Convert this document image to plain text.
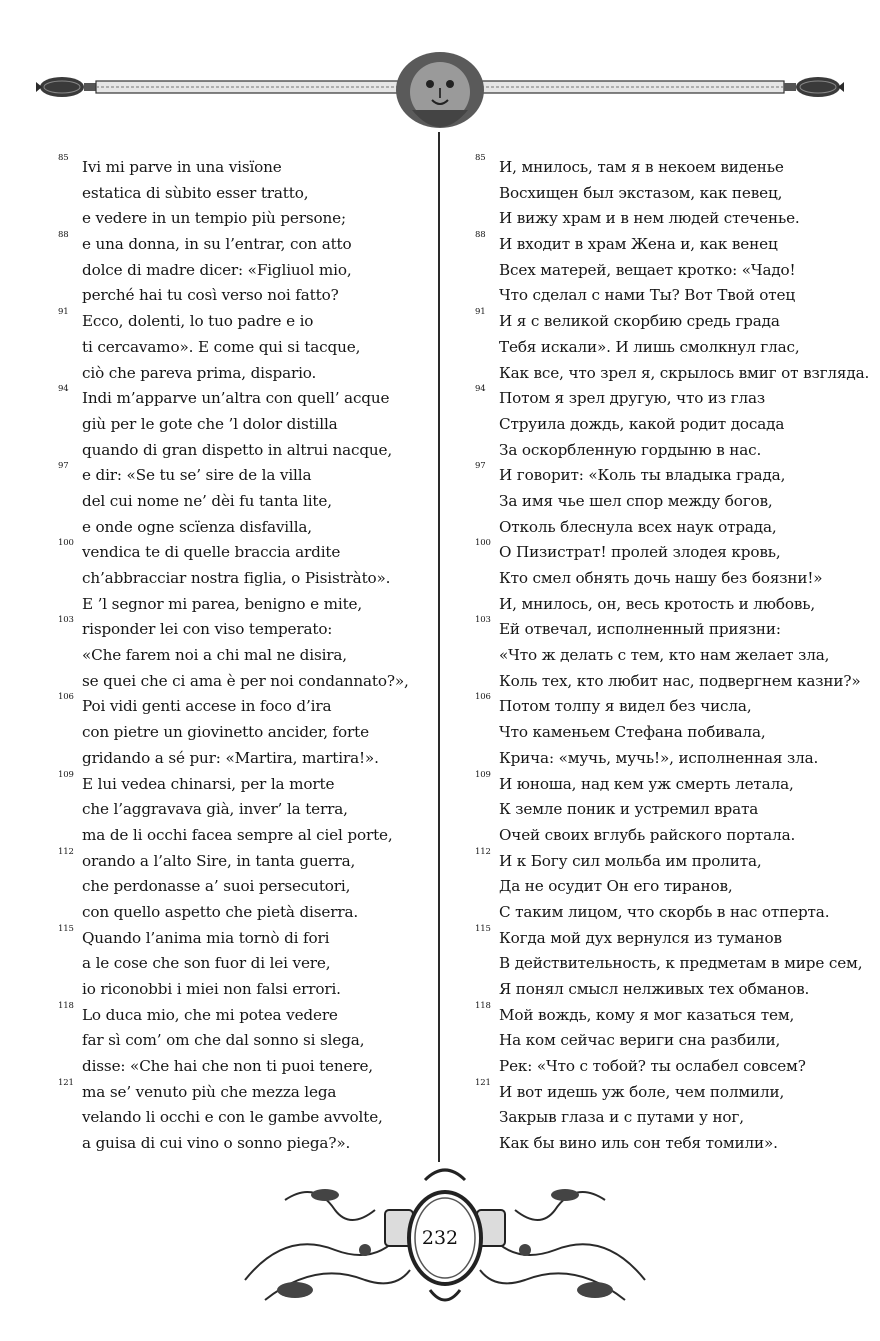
85 Ivi mi parve in una visïone
estatica di sùbito esser tratto,
e vedere in un tempio più persone;
88 e una donna, in su l’entrar, con atto
dolce di madre dicer: «Figliuol mio,
perché hai tu così verso noi fatto?
91 Ecco, dolenti, lo tuo padre e io
ti cercavamo». E come qui si tacque,
ciò che pareva prima, dispario.
94 Indi m’apparve un’altra con quell’ acque
giù per le gote che ’l dolor distilla
quando di gran dispetto in altrui nacque,
97 e dir: «Se tu se’ sire de la villa
del cui nome ne’ dèi fu tanta lite,
e onde ogne scïenza disfavilla,
100 vendica te di quelle braccia ardite
ch’abbracciar nostra figlia, o Pisistràto».
E ’l segnor mi parea, benigno e mite,
103 risponder lei con viso temperato:
«Che farem noi a chi mal ne disira,
se quei che ci ama è per noi condannato?»,
106 Poi vidi genti accese in foco d’ira
con pietre un giovinetto ancider, forte
gridando a sé pur: «Martira, martira!».
109 E lui vedea chinarsi, per la morte
che l’aggravava già, inver’ la terra,
ma de li occhi facea sempre al ciel porte,
112 orando a l’alto Sire, in tanta guerra,
che perdonasse a’ suoi persecutori,
con quello aspetto che pietà diserra.
115 Quando l’anima mia tornò di fori
a le cose che son fuor di lei vere,
io riconobbi i miei non falsi errori.
118 Lo duca mio, che mi potea vedere
far sì com’ om che dal sonno si slega,
disse: «Che hai che non ti puoi tenere,
121 ma se’ venuto più che mezza lega
velando li occhi e con le gambe avvolte,
a guisa di cui vino o sonno piega?».
85 И, мнилось, там я в некоем виденье
Восхищен был экстазом, как певец,
И вижу храм и в нем людей стеченье.
88 И входит в храм Жена и, как венец
Всех матерей, вещает кротко: «Чадо!
Что сделал с нами Ты? Вот Твой отец
91 И я с великой скорбию средь града
Тебя искали». И лишь смолкнул глас,
Как все, что зрел я, скрылось вмиг от взгляда.
94 Потом я зрел другую, что из глаз
Струила дождь, какой родит досада
За оскорбленную гордыню в нас.
97 И говорит: «Коль ты владыка града,
За имя чье шел спор между богов,
Отколь блеснула всех наук отрада,
100 О Пизистрат! пролей злодея кровь,
Кто смел обнять дочь нашу без боязни!»
И, мнилось, он, весь кротость и любовь,
103 Ей отвечал, исполненный приязни:
«Что ж делать с тем, кто нам желает зла,
Коль тех, кто любит нас, подвергнем казни?»
106 Потом толпу я видел без числа,
Что каменьем Стефана побивала,
Крича: «мучь, мучь!», исполненная зла.
109 И юноша, над кем уж смерть летала,
К земле поник и устремил врата
Очей своих вглубь райского портала.
112 И к Богу сил мольба им пролита,
Да не осудит Он его тиранов,
С таким лицом, что скорбь в нас отперта.
115 Когда мой дух вернулся из туманов
В действительность, к предметам в мире сем,
Я понял смысл нелживых тех обманов.
118 Мой вождь, кому я мог казаться тем,
На ком сейчас вериги сна разбили,
Рек: «Что с тобой? ты ослабел совсем?
121 И вот идешь уж боле, чем полмили,
Закрыв глаза и с путами у ног,
Как бы вино иль сон тебя томили».
232
